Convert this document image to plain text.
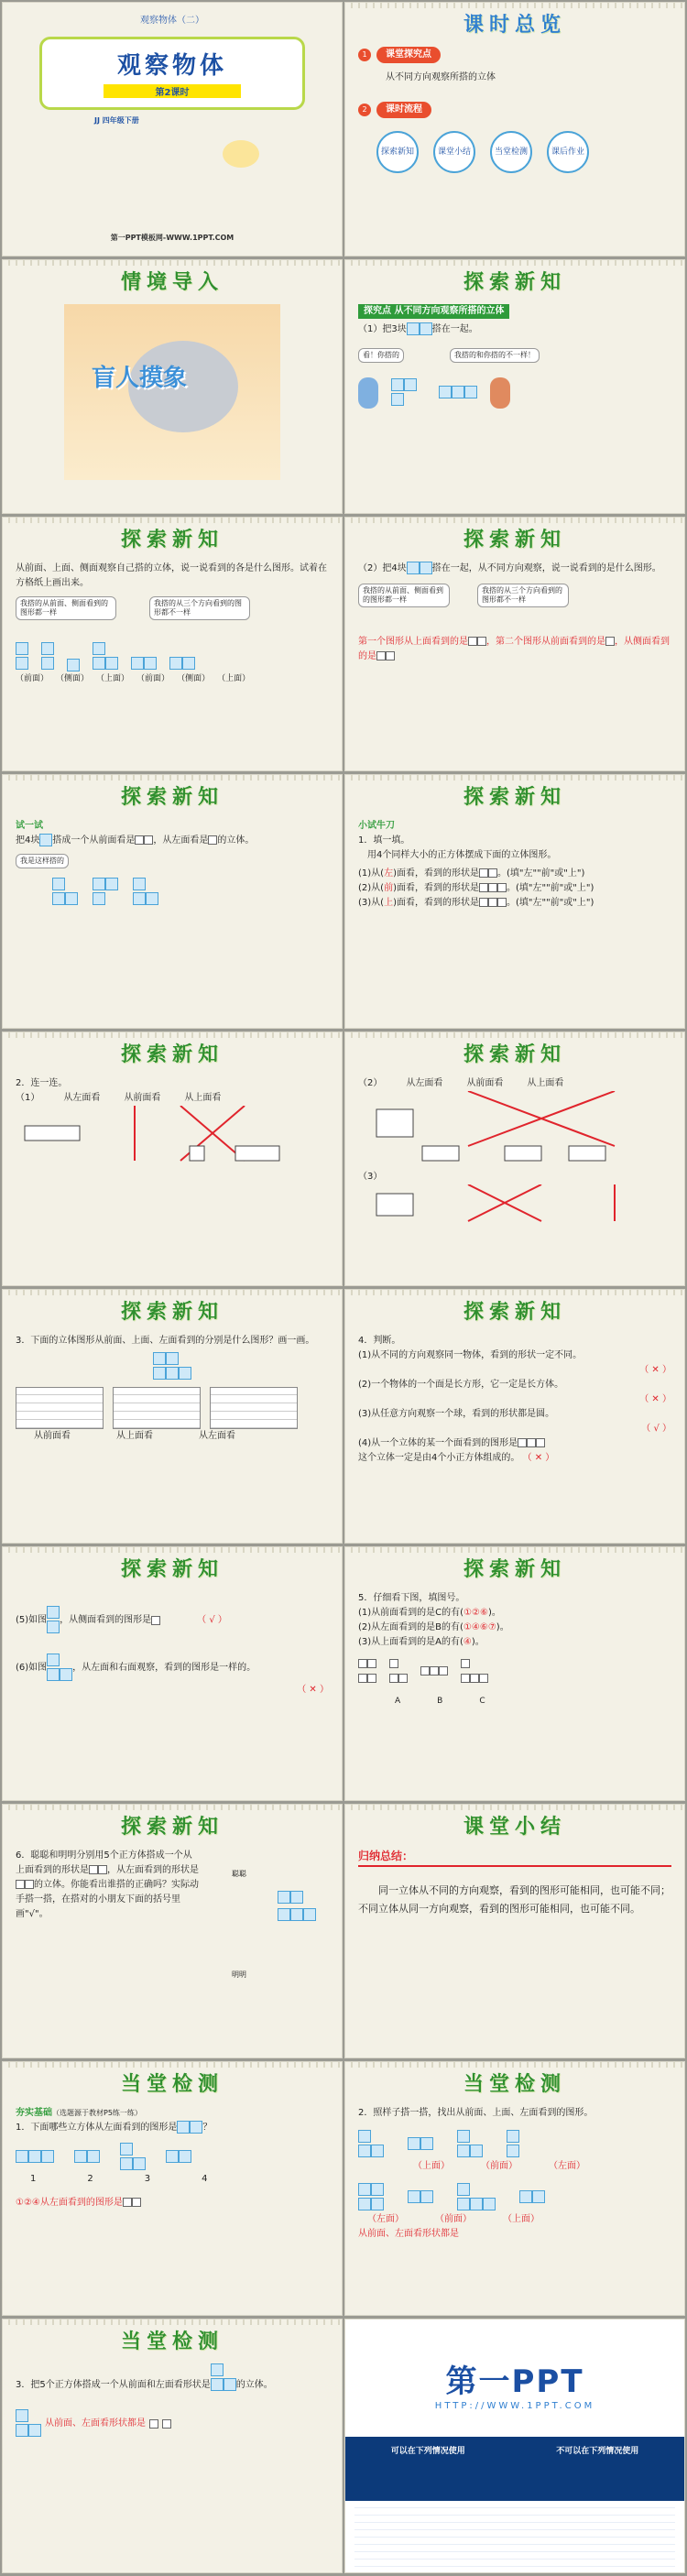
观察物体（二）
观察物体
第2课时
JJ 四年级下册
第一PPT模板网-WWW.1PPT.COM
课时总览
1	课堂探究点
从不同方向观察所搭的立体
2	课时流程
探索新知	课堂小结	当堂检测	课后作业
情境导入
盲人摸象
探索新知
探究点 从不同方向观察所搭的立体
（1）把3块	搭在一起。
看！你搭的	我搭的和你搭的不一样！

探索新知
从前面、上面、侧面观察自己搭的立体，说一说看到的各是什么图形。试着在方格纸上画出来。
我搭的从前面、侧面看到的图形都一样
我搭的从三个方向看到的图形都不一样

（前面） （侧面） （上面） （前面） （侧面） （上面）
探索新知
（2）把4块	搭在一起，从不同方向观察，说一说看到的是什么图形。
我搭的从前面、侧面看到的图形都一样
我搭的从三个方向看到的图形都不一样
第一个图形从上面看到的是 ，第二个图形从前面看到的是 ，从侧面看到的是
探索新知
试一试
把4块 搭成一个从前面看是 ，从左面看是 的立体。
我是这样搭的

探索新知
小试牛刀
1．填一填。
用4个同样大小的正方体摆成下面的立体图形。
(1)从(左)面看，看到的形状是 。(填"左""前"或"上")
(2)从(前)面看，看到的形状是	。(填"左""前"或"上")
(3)从(上)面看，看到的形状是	。(填"左""前"或"上")
探索新知
2．连一连。
（1）	从左面看	从前面看	从上面看
探索新知
（2）	从左面看	从前面看	从上面看
（3）
探索新知
3．下面的立体图形从前面、上面、左面看到的分别是什么图形？画一画。

从前面看	从上面看	从左面看
探索新知
4．判断。
(1)从不同的方向观察同一物体，看到的形状一定不同。
（ ✕ ）
(2)一个物体的一个面是长方形，它一定是长方体。
（ ✕ ）
(3)从任意方向观察一个球，看到的形状都是圆。
（ √ ）
(4)从一个立体的某一个面看到的图形是
这个立体一定是由4个小正方体组成的。 （ ✕ ）
探索新知
(5)如图 ，从侧面看到的图形是	（ √ ）
(6)如图	，从左面和右面观察，看到的图形是一样的。
（ ✕ ）
探索新知
5．仔细看下图，填图号。
(1)从前面看到的是C的有(①②⑥)。
(2)从左面看到的是B的有(①④⑥⑦)。
(3)从上面看到的是A的有(④)。

A	B	C
探索新知
6．聪聪和明明分别用5个正方体搭成一个从上面看到的形状是 ，从左面看到的形状是的立体。你能看出谁搭的正确吗？实际动手搭一搭，在搭对的小朋友下面的括号里画"√"。
聪聪
明明

课堂小结
归纳总结：
同一立体从不同的方向观察，看到的图形可能相同，也可能不同；不同立体从同一方向观察，看到的图形可能相同，也可能不同。
当堂检测
夯实基础（选题源于教材P5练一练）
1．下面哪些立方体从左面看到的图形是	？

1	2	3	4
①②④从左面看到的图形是
当堂检测
2．照样子搭一搭，找出从前面、上面、左面看到的图形。

（上面）	（前面）	（左面）

（左面）	（前面）	（上面）
从前面、左面看形状都是
当堂检测
3．把5个正方体搭成一个从前面和左面看形状是	的立体。

从前面、左面看形状都是
第一PPT
HTTP://WWW.1PPT.COM
可以在下列情况使用	不可以在下列情况使用
